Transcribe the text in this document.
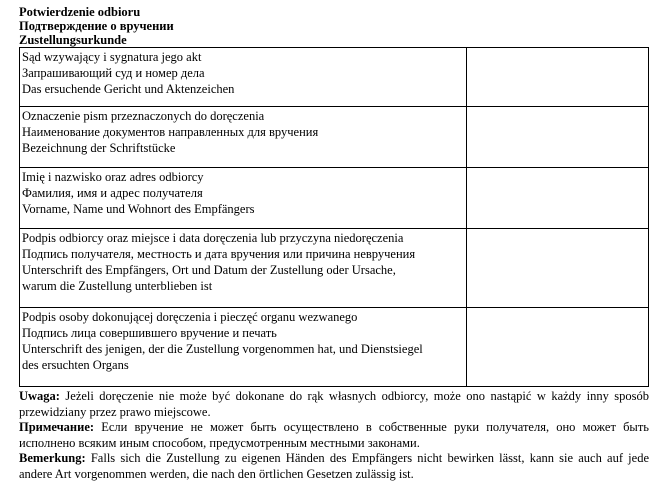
Potwierdzenie odbioru
Подтверждение о вручении
Zustellungsurkunde
Sąd wzywający i sygnatura jego akt
Запрашивающий суд и номер дела
Das ersuchende Gericht und Aktenzeichen	

Oznaczenie pism przeznaczonych do doręczenia
Наименование документов направленных для вручения
Bezeichnung der Schriftstücke	

Imię i nazwisko oraz adres odbiorcy
Фамилия, имя и адрес получателя
Vorname, Name und Wohnort des Empfängers	

Podpis odbiorcy oraz miejsce i data doręczenia lub przyczyna niedoręczenia
Подпись получателя, местность и дата вручения или причина невручения
Unterschrift des Empfängers, Ort und Datum der Zustellung oder Ursache,
warum die Zustellung unterblieben ist	

Podpis osoby dokonującej doręczenia i pieczęć organu wezwanego
Подпись лица совершившего вручение и печать
Unterschrift des jenigen, der die Zustellung vorgenommen hat, und Dienstsiegel
des ersuchten Organs	

Uwaga: Jeżeli doręczenie nie może być dokonane do rąk własnych odbiorcy, może ono nastąpić w każdy inny sposób przewidziany przez prawo miejscowe.
Примечание: Если вручение не может быть осуществлено в собственные руки получателя, оно может быть исполнено всяким иным способом, предусмотренным местными законами.
Bemerkung: Falls sich die Zustellung zu eigenen Händen des Empfängers nicht bewirken lässt, kann sie auch auf jede andere Art vorgenommen werden, die nach den örtlichen Gesetzen zulässig ist.
